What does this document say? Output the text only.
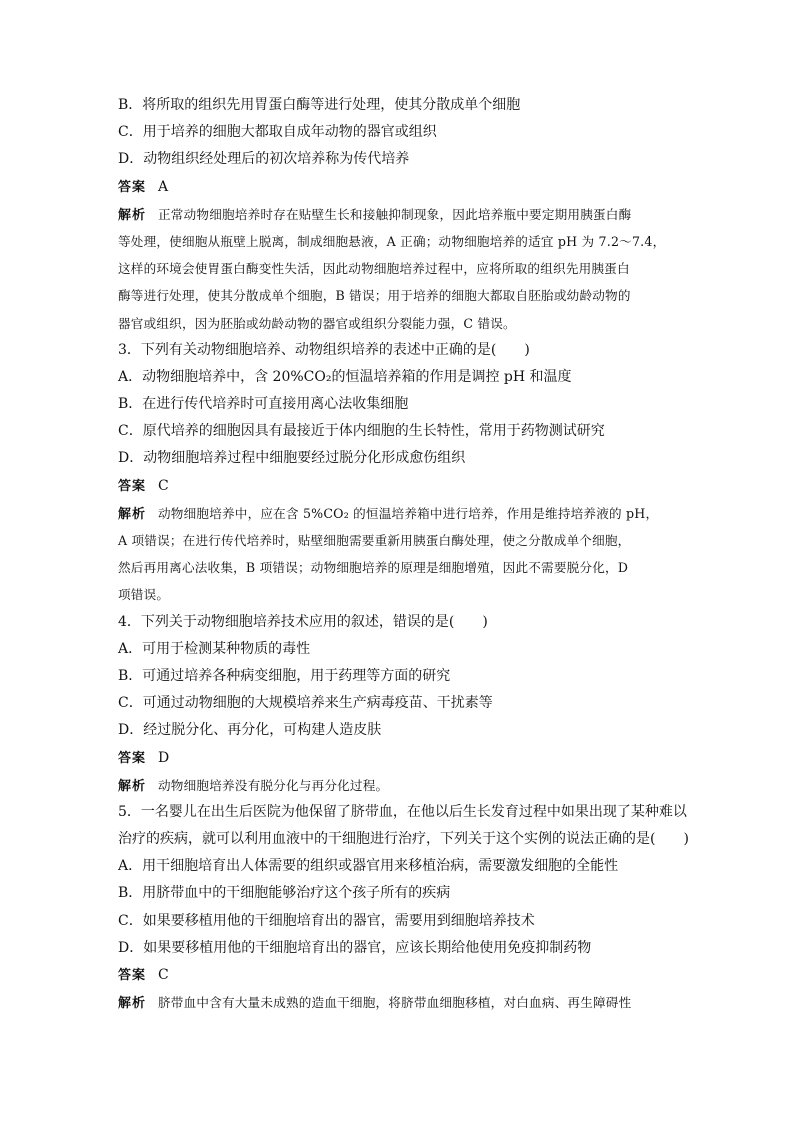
B．将所取的组织先用胃蛋白酶等进行处理，使其分散成单个细胞
C．用于培养的细胞大都取自成年动物的器官或组织
D．动物组织经处理后的初次培养称为传代培养
答案 A
解析 正常动物细胞培养时存在贴壁生长和接触抑制现象，因此培养瓶中要定期用胰蛋白酶
等处理，使细胞从瓶壁上脱离，制成细胞悬液，A 正确；动物细胞培养的适宜 pH 为 7.2～7.4，
这样的环境会使胃蛋白酶变性失活，因此动物细胞培养过程中，应将所取的组织先用胰蛋白
酶等进行处理，使其分散成单个细胞，B 错误；用于培养的细胞大都取自胚胎或幼龄动物的
器官或组织，因为胚胎或幼龄动物的器官或组织分裂能力强，C 错误。
3．下列有关动物细胞培养、动物组织培养的表述中正确的是(　　)
A．动物细胞培养中，含 20%CO₂的恒温培养箱的作用是调控 pH 和温度
B．在进行传代培养时可直接用离心法收集细胞
C．原代培养的细胞因具有最接近于体内细胞的生长特性，常用于药物测试研究
D．动物细胞培养过程中细胞要经过脱分化形成愈伤组织
答案 C
解析 动物细胞培养中，应在含 5%CO₂ 的恒温培养箱中进行培养，作用是维持培养液的 pH，
A 项错误；在进行传代培养时，贴壁细胞需要重新用胰蛋白酶处理，使之分散成单个细胞，
然后再用离心法收集，B 项错误；动物细胞培养的原理是细胞增殖，因此不需要脱分化，D
项错误。
4．下列关于动物细胞培养技术应用的叙述，错误的是(　　)
A．可用于检测某种物质的毒性
B．可通过培养各种病变细胞，用于药理等方面的研究
C．可通过动物细胞的大规模培养来生产病毒疫苗、干扰素等
D．经过脱分化、再分化，可构建人造皮肤
答案 D
解析 动物细胞培养没有脱分化与再分化过程。
5．一名婴儿在出生后医院为他保留了脐带血，在他以后生长发育过程中如果出现了某种难以
治疗的疾病，就可以利用血液中的干细胞进行治疗，下列关于这个实例的说法正确的是(　　)
A．用干细胞培育出人体需要的组织或器官用来移植治病，需要激发细胞的全能性
B．用脐带血中的干细胞能够治疗这个孩子所有的疾病
C．如果要移植用他的干细胞培育出的器官，需要用到细胞培养技术
D．如果要移植用他的干细胞培育出的器官，应该长期给他使用免疫抑制药物
答案 C
解析 脐带血中含有大量未成熟的造血干细胞，将脐带血细胞移植，对白血病、再生障碍性
